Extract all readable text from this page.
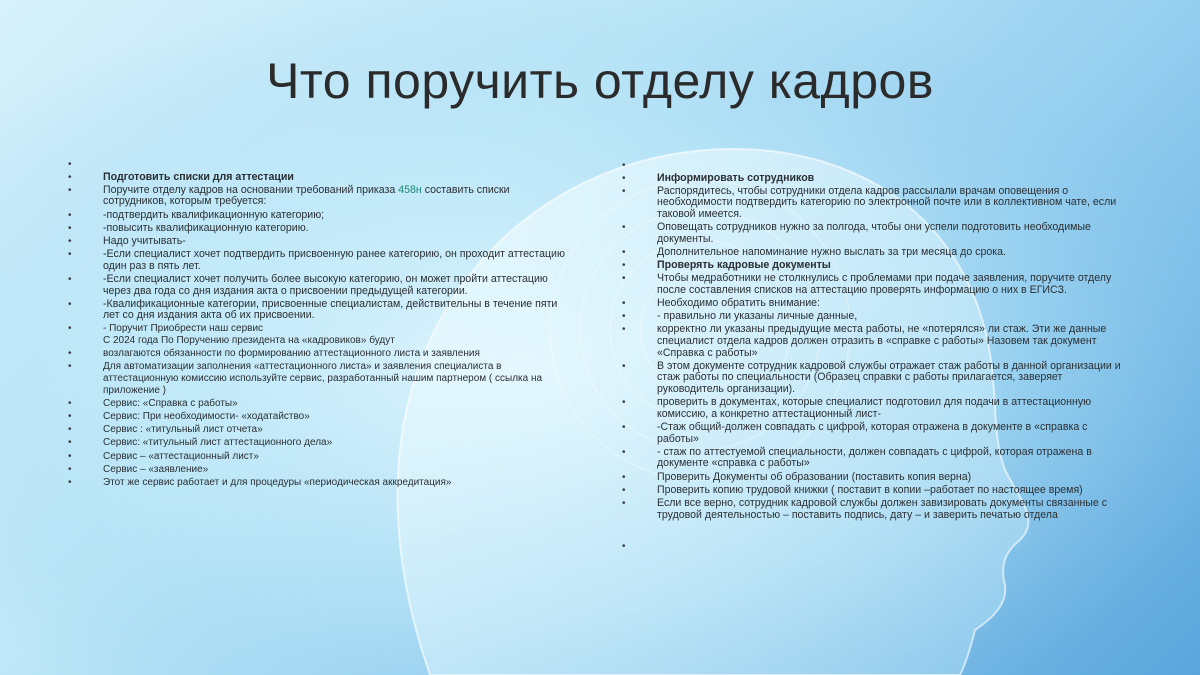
Что поручить отделу кадров
•
• Подготовить списки для аттестации
• Поручите отделу кадров на основании требований приказа 458н составить списки сотрудников, которым требуется:
• -подтвердить квалификационную категорию;
• -повысить квалификационную категорию.
• Надо учитывать-
• -Если специалист хочет подтвердить присвоенную ранее категорию, он проходит аттестацию один раз в пять лет.
• -Если специалист хочет получить более высокую категорию, он может пройти аттестацию через два года со дня издания акта о присвоении предыдущей категории.
• -Квалификационные категории, присвоенные специалистам, действительны в течение пяти лет со дня издания акта об их присвоении.
• - Поручит Приобрести наш сервис
С 2024 года По Поручению президента на «кадровиков» будут
• возлагаются обязанности по формированию аттестационного листа и заявления
• Для автоматизации заполнения «аттестационного листа» и заявления специалиста в аттестационную комиссию используйте сервис, разработанный нашим партнером ( ссылка на приложение )
• Сервис: «Справка с работы»
• Сервис: При необходимости- «ходатайство»
• Сервис : «титульный лист отчета»
• Сервис: «титульный лист аттестационного дела»
• Сервис – «аттестационный лист»
• Сервис – «заявление»
• Этот же сервис работает и для процедуры «периодическая аккредитация»
•
• Информировать сотрудников
• Распорядитесь, чтобы сотрудники отдела кадров рассылали врачам оповещения о необходимости подтвердить категорию по электронной почте или в коллективном чате, если таковой имеется.
• Оповещать сотрудников нужно за полгода, чтобы они успели подготовить необходимые документы.
• Дополнительное напоминание нужно выслать за три месяца до срока.
• Проверять кадровые документы
• Чтобы медработники не столкнулись с проблемами при подаче заявления, поручите отделу после составления списков на аттестацию проверять информацию о них в ЕГИСЗ.
• Необходимо обратить внимание:
• - правильно ли указаны личные данные,
• корректно ли указаны предыдущие места работы, не «потерялся» ли стаж. Эти же данные специалист отдела кадров должен отразить в «справке с работы» Назовем так документ «Справка с работы»
• В этом документе сотрудник кадровой службы отражает стаж работы в данной организации и стаж работы по специальности (Образец справки с работы прилагается, заверяет руководитель организации).
• проверить в документах, которые специалист подготовил для подачи в аттестационную комиссию, а конкретно аттестационный лист-
• -Стаж общий-должен совпадать с цифрой, которая отражена в документе в «справка с работы»
• - стаж по аттестуемой специальности, должен совпадать с цифрой, которая отражена в документе «справка с работы»
• Проверить Документы об образовании (поставить копия верна)
• Проверить копию трудовой книжки ( поставит в копии –работает по настоящее время)
• Если все верно, сотрудник кадровой службы должен завизировать документы связанные с трудовой деятельностью – поставить подпись, дату – и заверить печатью отдела
•
